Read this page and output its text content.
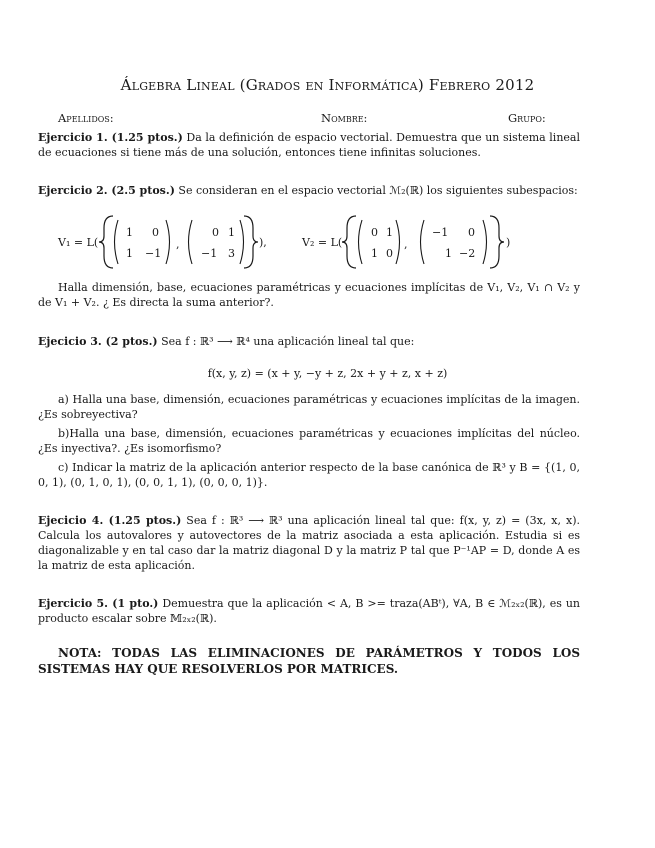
Álgebra Lineal (Grados en Informática) Febrero 2012
Apellidos:	Nombre:	Grupo:
Ejercicio 1. (1.25 ptos.) Da la definición de espacio vectorial. Demuestra que un sistema lineal de ecuaciones si tiene más de una solución, entonces tiene infinitas soluciones.
Ejercicio 2. (2.5 ptos.) Se consideran en el espacio vectorial ℳ₂(ℝ) los siguientes subespacios:
V₁ = L(
1 0
1 −1
,
0 1
−1 3
),	V₂ = L(
0 1
1 0
,
−1 0
1 −2
)
Halla dimensión, base, ecuaciones paramétricas y ecuaciones implícitas de V₁, V₂, V₁ ∩ V₂ y de V₁ + V₂. ¿ Es directa la suma anterior?.
Ejecicio 3. (2 ptos.) Sea f : ℝ³ ⟶ ℝ⁴ una aplicación lineal tal que:
f(x, y, z) = (x + y, −y + z, 2x + y + z, x + z)
a) Halla una base, dimensión, ecuaciones paramétricas y ecuaciones implícitas de la imagen. ¿Es sobreyectiva?
b)Halla una base, dimensión, ecuaciones paramétricas y ecuaciones implícitas del núcleo. ¿Es inyectiva?. ¿Es isomorfismo?
c) Indicar la matriz de la aplicación anterior respecto de la base canónica de ℝ³ y B = {(1, 0, 0, 1), (0, 1, 0, 1), (0, 0, 1, 1), (0, 0, 0, 1)}.
Ejecicio 4. (1.25 ptos.) Sea f : ℝ³ ⟶ ℝ³ una aplicación lineal tal que: f(x, y, z) = (3x, x, x). Calcula los autovalores y autovectores de la matriz asociada a esta aplicación. Estudia si es diagonalizable y en tal caso dar la matriz diagonal D y la matriz P tal que P⁻¹AP = D, donde A es la matriz de esta aplicación.
Ejercicio 5. (1 pto.) Demuestra que la aplicación < A, B >= traza(ABᵗ), ∀A, B ∈ ℳ₂ₓ₂(ℝ), es un producto escalar sobre 𝕄₂ₓ₂(ℝ).
NOTA: TODAS LAS ELIMINACIONES DE PARÁMETROS Y TODOS LOS SISTEMAS HAY QUE RESOLVERLOS POR MATRICES.
